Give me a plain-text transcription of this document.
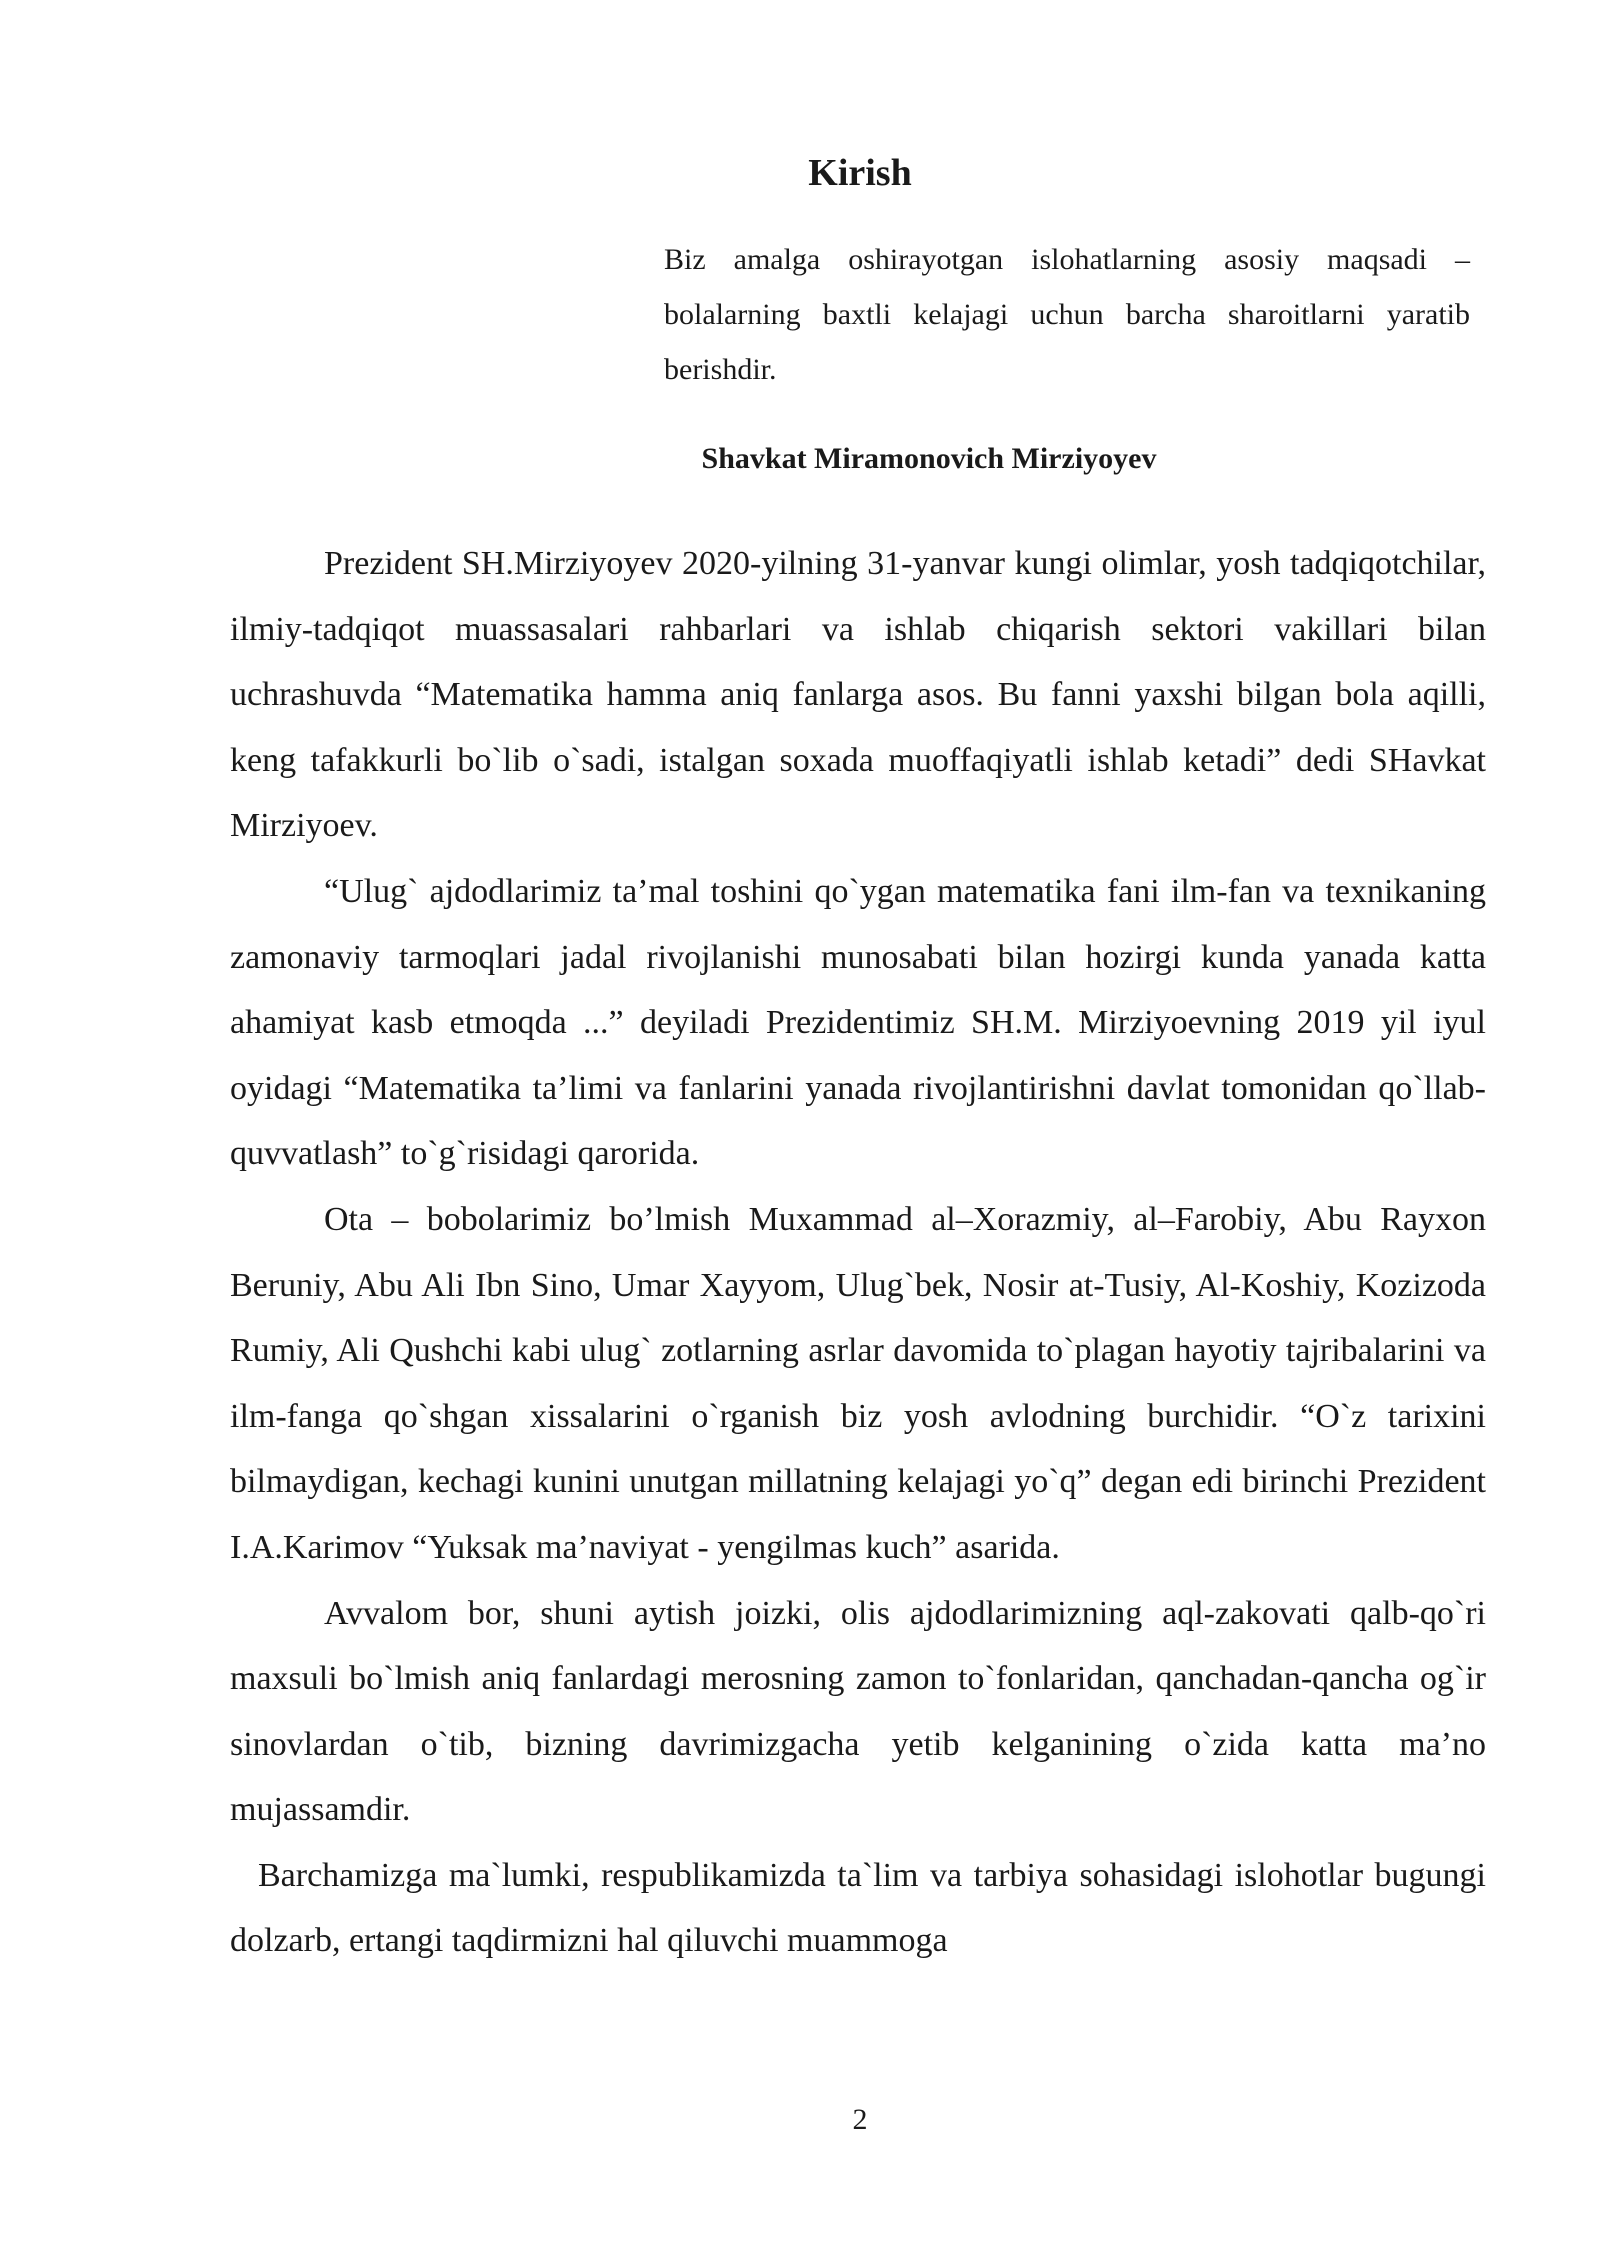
Kirish
Biz amalga oshirayotgan islohatlarning asosiy maqsadi – bolalarning baxtli kelajagi uchun barcha sharoitlarni yaratib berishdir.
Shavkat Miramonovich Mirziyoyev

Prezident SH.Mirziyoyev 2020-yilning 31-yanvar kungi olimlar, yosh tadqiqotchilar, ilmiy-tadqiqot muassasalari rahbarlari va ishlab chiqarish sektori vakillari bilan uchrashuvda “Matematika hamma aniq fanlarga asos. Bu fanni yaxshi bilgan bola aqilli, keng tafakkurli bo`lib o`sadi, istalgan soxada muoffaqiyatli ishlab ketadi” dedi SHavkat Mirziyoev.

“Ulug` ajdodlarimiz ta’mal toshini qo`ygan matematika fani ilm-fan va texnikaning zamonaviy tarmoqlari jadal rivojlanishi munosabati bilan hozirgi kunda yanada katta ahamiyat kasb etmoqda ...” deyiladi Prezidentimiz SH.M. Mirziyoevning 2019 yil iyul oyidagi “Matematika ta’limi va fanlarini yanada rivojlantirishni davlat tomonidan qo`llab-quvvatlash” to`g`risidagi qarorida.

Ota – bobolarimiz bo’lmish Muxammad al–Xorazmiy, al–Farobiy, Abu Rayxon Beruniy, Abu Ali Ibn Sino, Umar Xayyom, Ulug`bek, Nosir at-Tusiy, Al-Koshiy, Kozizoda Rumiy, Ali Qushchi kabi ulug` zotlarning asrlar davomida to`plagan hayotiy tajribalarini va ilm-fanga qo`shgan xissalarini o`rganish biz yosh avlodning burchidir. “O`z tarixini bilmaydigan, kechagi kunini unutgan millatning kelajagi yo`q” degan edi birinchi Prezident I.A.Karimov “Yuksak ma’naviyat - yengilmas kuch” asarida.

Avvalom bor, shuni aytish joizki, olis ajdodlarimizning aql-zakovati qalb-qo`ri maxsuli bo`lmish aniq fanlardagi merosning zamon to`fonlaridan, qanchadan-qancha og`ir sinovlardan o`tib, bizning davrimizgacha yetib kelganining o`zida katta ma’no mujassamdir.

Barchamizga ma`lumki, respublikamizda ta`lim va tarbiya sohasidagi islohotlar bugungi dolzarb, ertangi taqdirmizni hal qiluvchi muammoga

2
